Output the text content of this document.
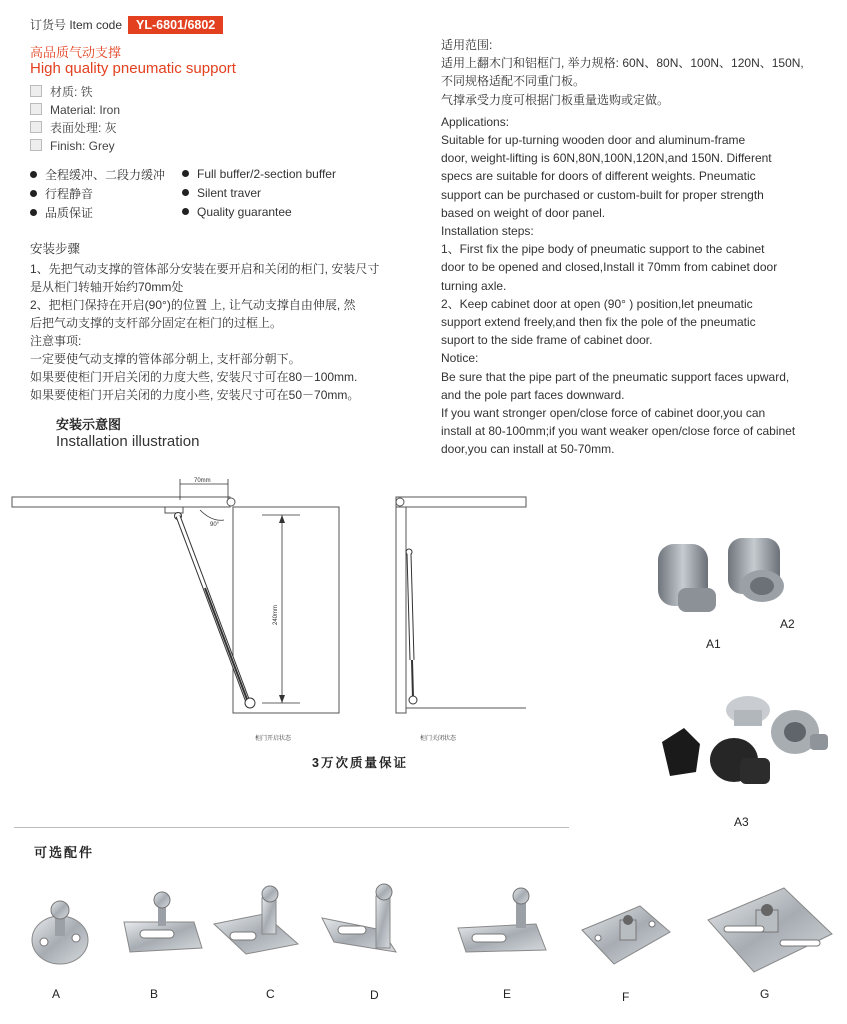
订货号 Item code YL-6801/6802
高品质气动支撑
High quality pneumatic support
材质: 铁
Material: Iron
表面处理: 灰
Finish: Grey
全程缓冲、二段力缓冲
行程静音
品质保证
Full buffer/2-section buffer
Silent traver
Quality guarantee

安装步骤

1、先把气动支撑的管体部分安装在要开启和关闭的柜门, 安装尺寸

是从柜门转轴开始约70mm处

2、把柜门保持在开启(90°)的位置 上, 让气动支撑自由伸展, 然

后把气动支撑的支杆部分固定在柜门的过框上。

注意事项:

一定要使气动支撑的管体部分朝上, 支杆部分朝下。

如果要使柜门开启关闭的力度大些, 安装尺寸可在80－100mm.

如果要使柜门开启关闭的力度小些, 安装尺寸可在50－70mm。

安装示意图
Installation illustration

适用范围:

适用上翻木门和铝框门, 举力规格: 60N、80N、100N、120N、150N,

不同规格适配不同重门板。

气撑承受力度可根据门板重量选购或定做。

Applications:

Suitable for up-turning wooden door and aluminum-frame

door, weight-lifting is 60N,80N,100N,120N,and 150N. Different

specs are suitable for doors of different weights. Pneumatic

support can be purchased or custom-built for proper strength

based on weight of door panel.

Installation steps:

1、First fix the pipe body of pneumatic support to the cabinet

door to be opened and closed,Install it 70mm from cabinet door

turning axle.

2、Keep cabinet door at open (90° ) position,let pneumatic

support extend freely,and then fix the pole of the pneumatic

suport to the side frame of cabinet door.

Notice:

Be sure that the pipe part of the pneumatic support faces upward,

and the pole part faces downward.

If you want stronger open/close force of cabinet door,you can

install at 80-100mm;if you want weaker open/close force of cabinet

door,you can install at 50-70mm.

70mm
90°
240mm
柜门开启状态	柜门关闭状态
3万次质量保证
A1
A2
A3
可选配件
A	B	C	D	E	F	G
